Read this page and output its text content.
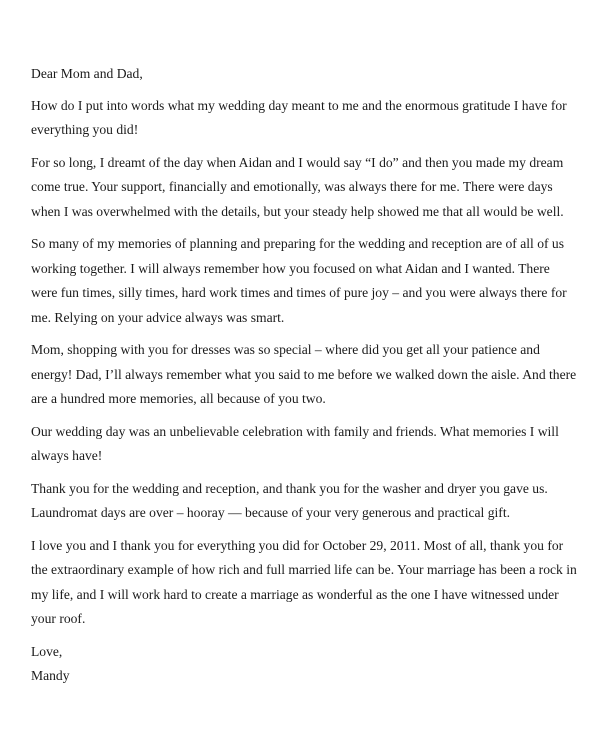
Dear Mom and Dad,

How do I put into words what my wedding day meant to me and the enormous gratitude I have for
everything you did!
For so long, I dreamt of the day when Aidan and I would say “I do” and then you made my dream
come true. Your support, financially and emotionally, was always there for me. There were days
when I was overwhelmed with the details, but your steady help showed me that all would be well.
So many of my memories of planning and preparing for the wedding and reception are of all of us
working together. I will always remember how you focused on what Aidan and I wanted. There
were fun times, silly times, hard work times and times of pure joy – and you were always there for
me. Relying on your advice always was smart.
Mom, shopping with you for dresses was so special – where did you get all your patience and
energy! Dad, I’ll always remember what you said to me before we walked down the aisle. And there
are a hundred more memories, all because of you two.
Our wedding day was an unbelievable celebration with family and friends. What memories I will
always have!
Thank you for the wedding and reception, and thank you for the washer and dryer you gave us.
Laundromat days are over – hooray — because of your very generous and practical gift.
I love you and I thank you for everything you did for October 29, 2011. Most of all, thank you for
the extraordinary example of how rich and full married life can be. Your marriage has been a rock in
my life, and I will work hard to create a marriage as wonderful as the one I have witnessed under
your roof.

Love,

Mandy
